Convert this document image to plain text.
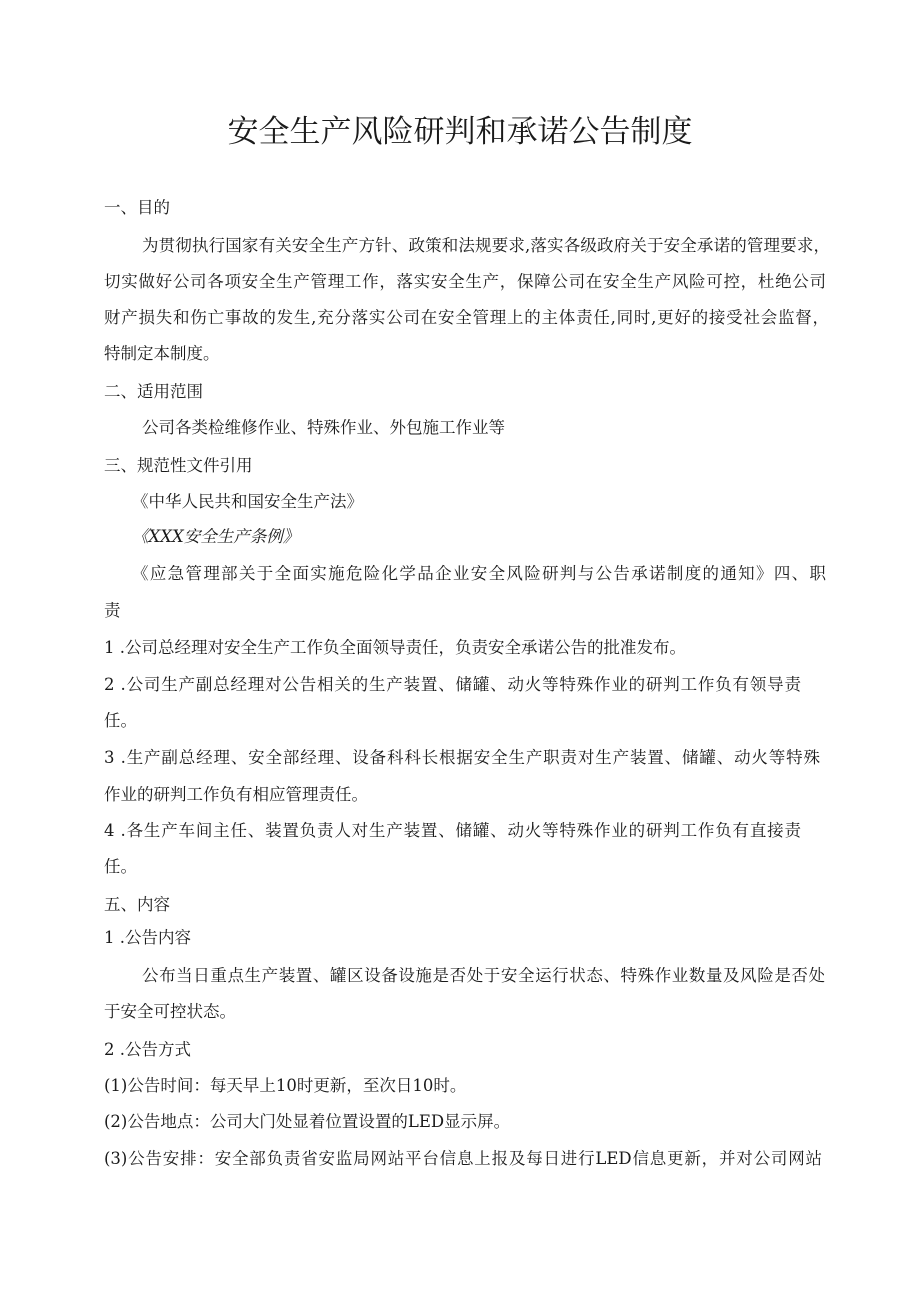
安全生产风险研判和承诺公告制度
一、目的
为贯彻执行国家有关安全生产方针、政策和法规要求,落实各级政府关于安全承诺的管理要求，
切实做好公司各项安全生产管理工作，落实安全生产，保障公司在安全生产风险可控，杜绝公司
财产损失和伤亡事故的发生,充分落实公司在安全管理上的主体责任,同时,更好的接受社会监督，
特制定本制度。
二、适用范围
公司各类检维修作业、特殊作业、外包施工作业等
三、规范性文件引用
《中华人民共和国安全生产法》
《XXX安全生产条例》
《应急管理部关于全面实施危险化学品企业安全风险研判与公告承诺制度的通知》四、职
责
1 .公司总经理对安全生产工作负全面领导责任，负责安全承诺公告的批准发布。
2 .公司生产副总经理对公告相关的生产装置、储罐、动火等特殊作业的研判工作负有领导责
任。
3 .生产副总经理、安全部经理、设备科科长根据安全生产职责对生产装置、储罐、动火等特殊
作业的研判工作负有相应管理责任。
4 .各生产车间主任、装置负责人对生产装置、储罐、动火等特殊作业的研判工作负有直接责
任。
五、内容
1 .公告内容
公布当日重点生产装置、罐区设备设施是否处于安全运行状态、特殊作业数量及风险是否处
于安全可控状态。
2 .公告方式
(1)公告时间：每天早上10时更新，至次日10时。
(2)公告地点：公司大门处显着位置设置的LED显示屏。
(3)公告安排：安全部负责省安监局网站平台信息上报及每日进行LED信息更新，并对公司网站
